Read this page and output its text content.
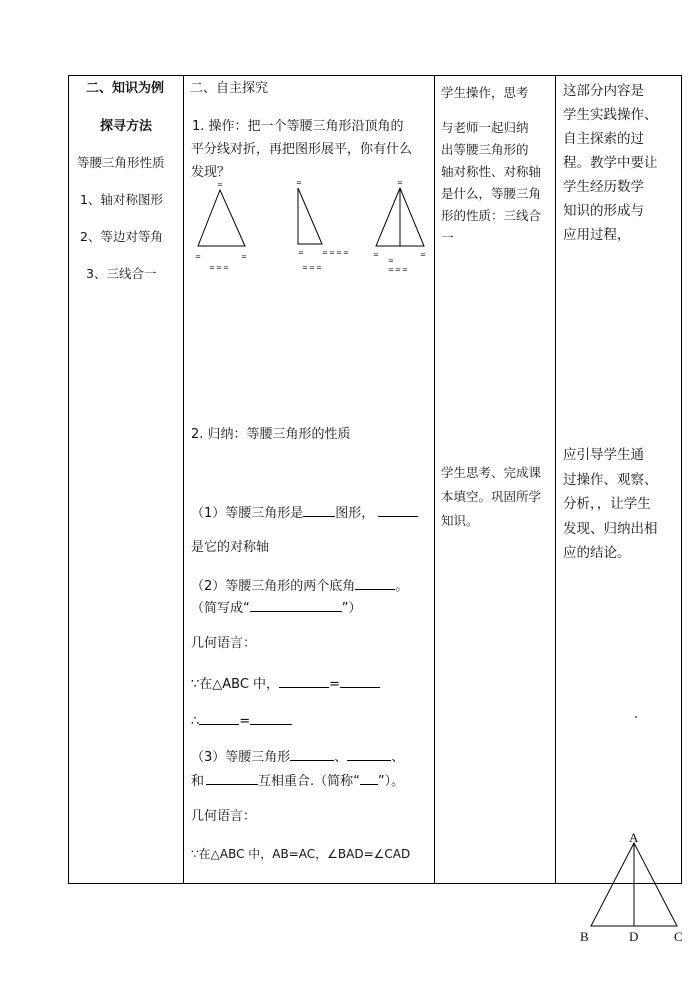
二、知识为例
探寻方法
等腰三角形性质
1、轴对称图形
2、等边对等角
3、三线合一
二、自主探究
1. 操作：把一个等腰三角形沿顶角的
平分线对折，再把图形展平，你有什么
发现？
=
=	=
= = =
=
=	= = = =
= = =
=
=	=
=
= = =
2. 归纳：等腰三角形的性质
（1）等腰三角形是 图形，
是它的对称轴
（2）等腰三角形的两个底角	。
（简写成“	”）
几何语言：
∵在△ABC 中，	=
∴	=
（3）等腰三角形	、	、
和	互相重合.（简称“ ”）。
几何语言：
∵在△ABC 中，AB=AC，∠BAD=∠CAD
学生操作，思考
与老师一起归纳
出等腰三角形的
轴对称性、对称轴
是什么，等腰三角
形的性质：三线合
一
学生思考、完成课
本填空。巩固所学
知识。
这部分内容是
学生实践操作、
自主探索的过
程。教学中要让
学生经历数学
知识的形成与
应用过程，
应引导学生通
过操作、观察、
分析，，让学生
发现、归纳出相
应的结论。
A
B	D	C
